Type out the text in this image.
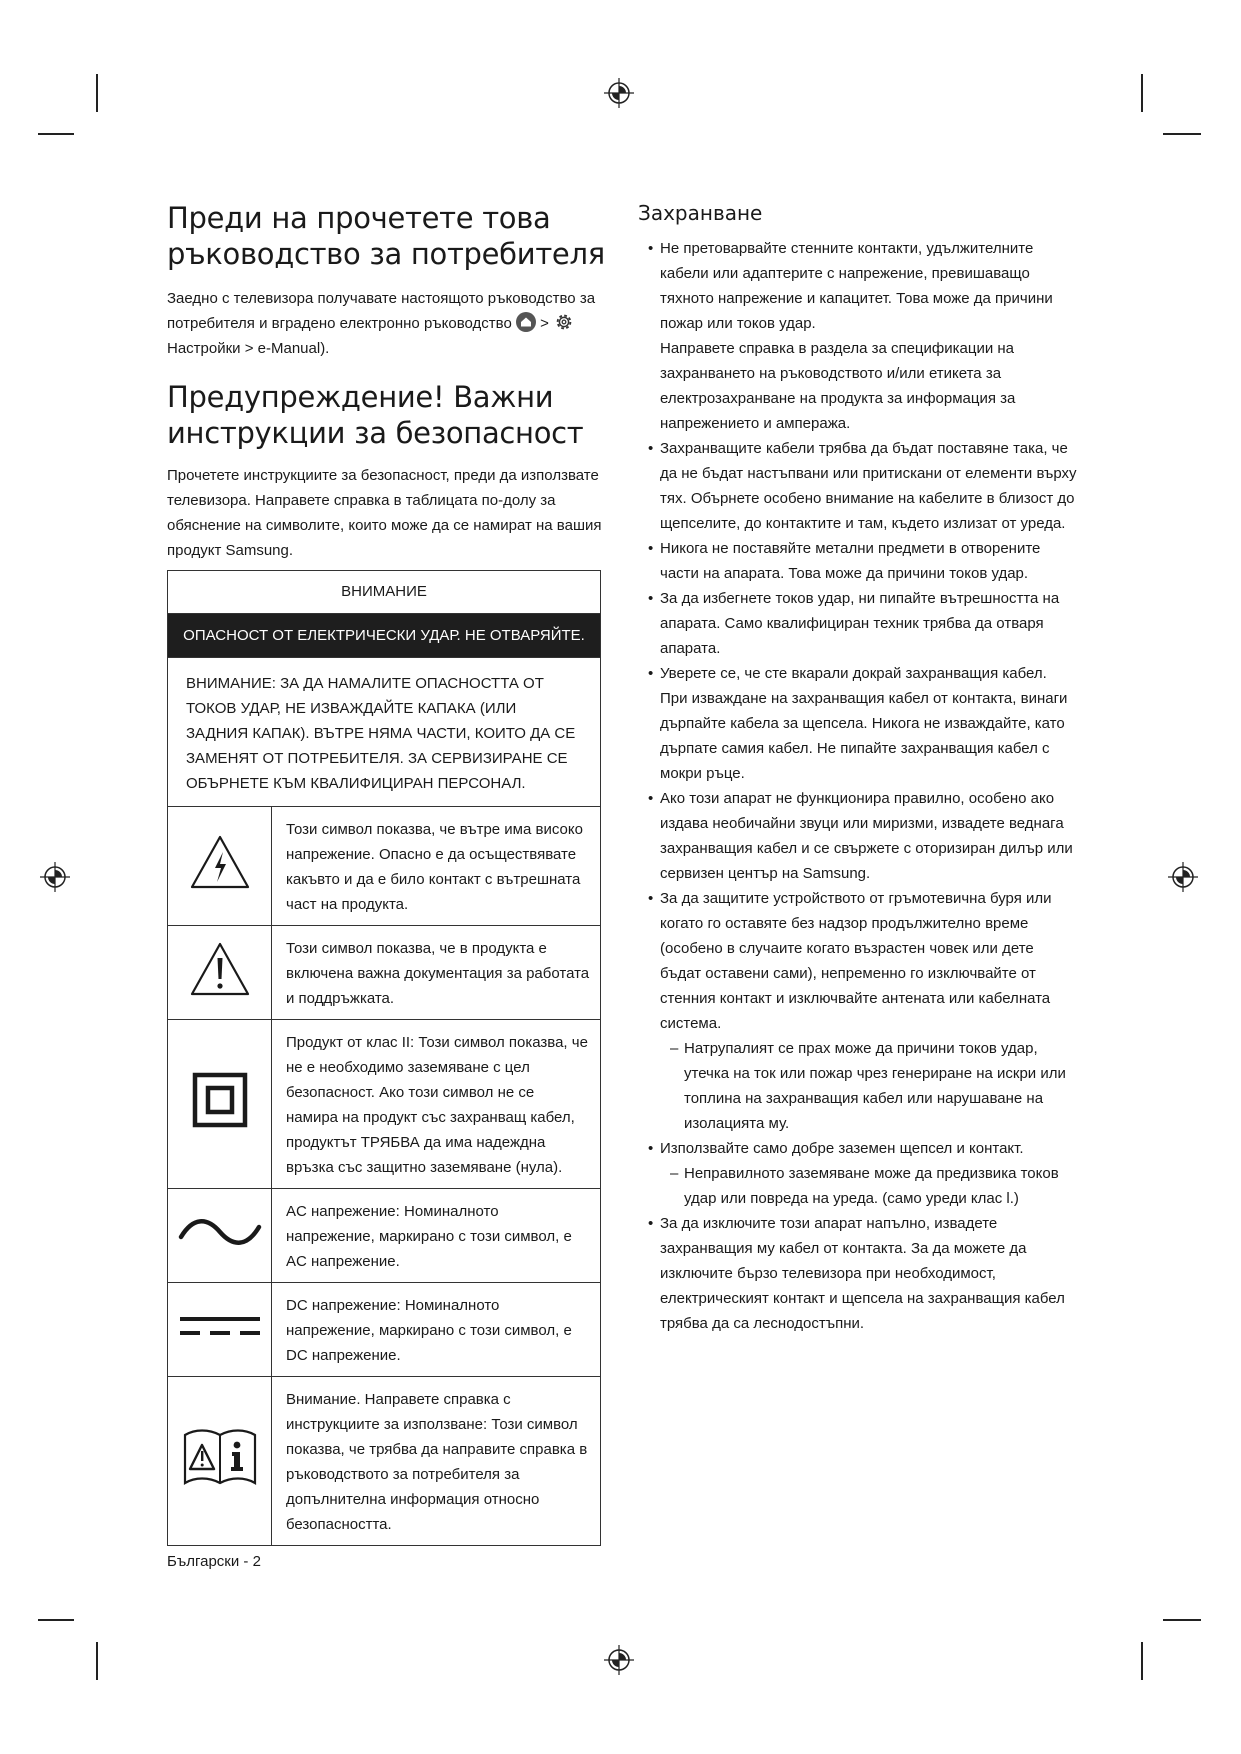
Преди на прочетете това ръководство за потребителя

Заедно с телевизора получавате настоящото ръководство за потребителя и вградено електронно ръководство  >
Настройки > e-Manual).

Предупреждение! Важни инструкции за безопасност

Прочетете инструкциите за безопасност, преди да използвате телевизора. Направете справка в таблицата по-долу за обяснение на символите, които може да се намират на вашия продукт Samsung.

ВНИМАНИЕ	
ОПАСНОСТ ОТ ЕЛЕКТРИЧЕСКИ УДАР. НЕ ОТВАРЯЙТЕ.	
ВНИМАНИЕ: ЗА ДА НАМАЛИТЕ ОПАСНОСТТА ОТ ТОКОВ УДАР, НЕ ИЗВАЖДАЙТЕ КАПАКА (ИЛИ ЗАДНИЯ КАПАК). ВЪТРЕ НЯМА ЧАСТИ, КОИТО ДА СЕ ЗАМЕНЯТ ОТ ПОТРЕБИТЕЛЯ. ЗА СЕРВИЗИРАНЕ СЕ ОБЪРНЕТЕ КЪМ КВАЛИФИЦИРАН ПЕРСОНАЛ.	
	Този символ показва, че вътре има високо напрежение. Опасно е да осъществявате какъвто и да е било контакт с вътрешната част на продукта.
	Този символ показва, че в продукта е включена важна документация за работата и поддръжката.
	Продукт от клас II: Този символ показва, че не е необходимо заземяване с цел безопасност. Ако този символ не се намира на продукт със захранващ кабел, продуктът ТРЯБВА да има надеждна връзка със защитно заземяване (нула).
	AC напрежение: Номиналното напрежение, маркирано с този символ, е AC напрежение.
	DC напрежение: Номиналното напрежение, маркирано с този символ, е DC напрежение.
	Внимание. Направете справка с инструкциите за използване: Този символ показва, че трябва да направите справка в ръководството за потребителя за допълнителна информация относно безопасността.
Захранване
• Не претоварвайте стенните контакти, удължителните кабели или адаптерите с напрежение, превишаващо тяхното напрежение и капацитет. Това може да причини пожар или токов удар.
Направете справка в раздела за спецификации на захранването на ръководството и/или етикета за електрозахранване на продукта за информация за напрежението и ампеража.
• Захранващите кабели трябва да бъдат поставяне така, че да не бъдат настъпвани или притискани от елементи върху тях. Обърнете особено внимание на кабелите в близост до щепселите, до контактите и там, където излизат от уреда.
• Никога не поставяйте метални предмети в отворените части на апарата. Това може да причини токов удар.
• За да избегнете токов удар, ни пипайте вътрешността на апарата. Само квалифициран техник трябва да отваря апарата.
• Уверете се, че сте вкарали докрай захранващия кабел.
При изваждане на захранващия кабел от контакта, винаги дърпайте кабела за щепсела. Никога не изваждайте, като дърпате самия кабел. Не пипайте захранващия кабел с мокри ръце.
• Ако този апарат не функционира правилно, особено ако издава необичайни звуци или миризми, извадете веднага захранващия кабел и се свържете с оторизиран дилър или сервизен център на Samsung.
• За да защитите устройството от гръмотевична буря или когато го оставяте без надзор продължително време (особено в случаите когато възрастен човек или дете бъдат оставени сами), непременно го изключвайте от стенния контакт и изключвайте антената или кабелната система.
– Натрупалият се прах може да причини токов удар, утечка на ток или пожар чрез генериране на искри или топлина на захранващия кабел или нарушаване на изолацията му.
• Използвайте само добре заземен щепсел и контакт.
– Неправилното заземяване може да предизвика токов удар или повреда на уреда. (само уреди клас l.)
• За да изключите този апарат напълно, извадете захранващия му кабел от контакта. За да можете да изключите бързо телевизора при необходимост, електрическият контакт и щепсела на захранващия кабел трябва да са леснодостъпни.
Български - 2
